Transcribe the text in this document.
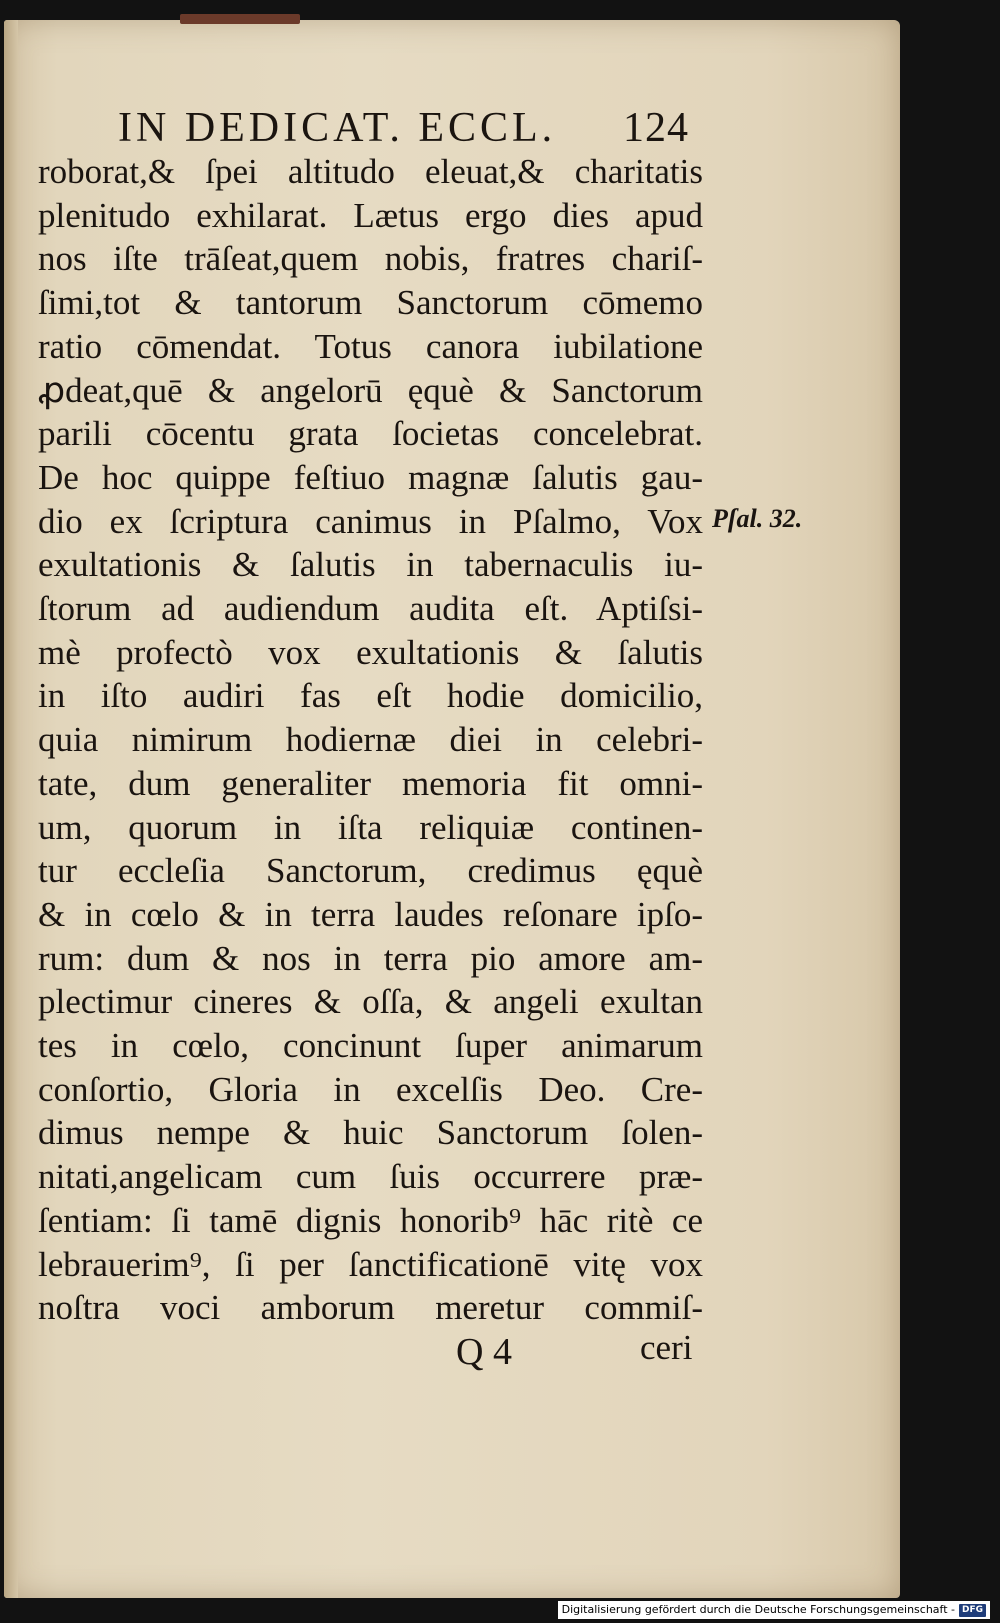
IN DEDICAT. ECCL. 124
roborat,& ſpei altitudo eleuat,& charitatis
plenitudo exhilarat. Lætus ergo dies apud
nos iſte trāſeat,quem nobis, fratres chariſ-
ſimi,tot & tantorum Sanctorum cōmemo
ratio cōmendat. Totus canora iubilatione
ꝓdeat,quē & angelorū ęquè & Sanctorum
parili cōcentu grata ſocietas concelebrat.
De hoc quippe feſtiuo magnæ ſalutis gau-
dio ex ſcriptura canimus in Pſalmo, Vox
exultationis & ſalutis in tabernaculis iu-
ſtorum ad audiendum audita eſt. Aptiſsi-
mè profectò vox exultationis & ſalutis
in iſto audiri fas eſt hodie domicilio,
quia nimirum hodiernæ diei in celebri-
tate, dum generaliter memoria fit omni-
um, quorum in iſta reliquiæ continen-
tur eccleſia Sanctorum, credimus ęquè
& in cœlo & in terra laudes reſonare ipſo-
rum: dum & nos in terra pio amore am-
plectimur cineres & oſſa, & angeli exultan
tes in cœlo, concinunt ſuper animarum
conſortio, Gloria in excelſis Deo. Cre-
dimus nempe & huic Sanctorum ſolen-
nitati,angelicam cum ſuis occurrere præ-
ſentiam: ſi tamē dignis honorib⁹ hāc ritè ce
lebrauerim⁹, ſi per ſanctificationē vitę vox
noſtra voci amborum meretur commiſ-
Pſal. 32.
Q 4	ceri
Digitalisierung gefördert durch die Deutsche Forschungsgemeinschaft - DFG
